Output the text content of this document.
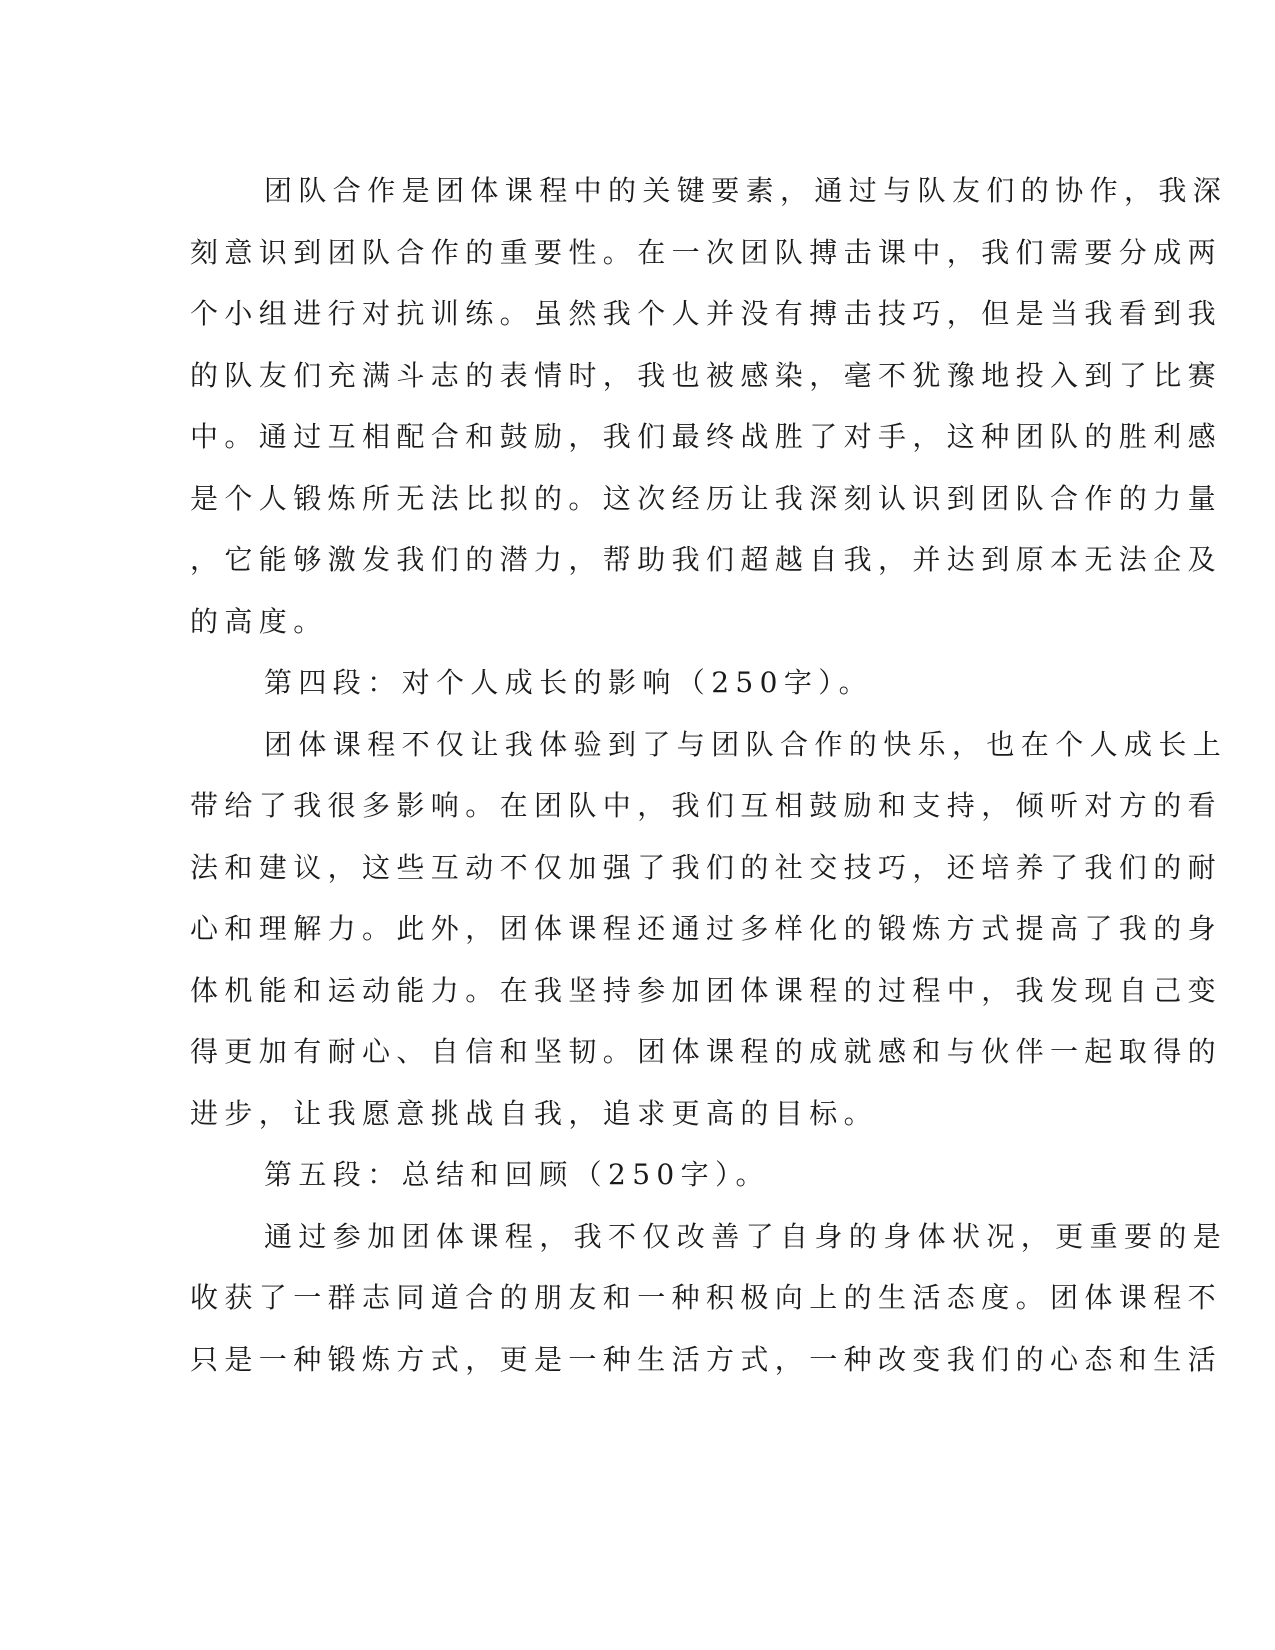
团队合作是团体课程中的关键要素，通过与队友们的协作，我深
刻意识到团队合作的重要性。在一次团队搏击课中，我们需要分成两
个小组进行对抗训练。虽然我个人并没有搏击技巧，但是当我看到我
的队友们充满斗志的表情时，我也被感染，毫不犹豫地投入到了比赛
中。通过互相配合和鼓励，我们最终战胜了对手，这种团队的胜利感
是个人锻炼所无法比拟的。这次经历让我深刻认识到团队合作的力量
，它能够激发我们的潜力，帮助我们超越自我，并达到原本无法企及
的高度。
第四段：对个人成长的影响（250字）。
团体课程不仅让我体验到了与团队合作的快乐，也在个人成长上
带给了我很多影响。在团队中，我们互相鼓励和支持，倾听对方的看
法和建议，这些互动不仅加强了我们的社交技巧，还培养了我们的耐
心和理解力。此外，团体课程还通过多样化的锻炼方式提高了我的身
体机能和运动能力。在我坚持参加团体课程的过程中，我发现自己变
得更加有耐心、自信和坚韧。团体课程的成就感和与伙伴一起取得的
进步，让我愿意挑战自我，追求更高的目标。
第五段：总结和回顾（250字）。
通过参加团体课程，我不仅改善了自身的身体状况，更重要的是
收获了一群志同道合的朋友和一种积极向上的生活态度。团体课程不
只是一种锻炼方式，更是一种生活方式，一种改变我们的心态和生活
